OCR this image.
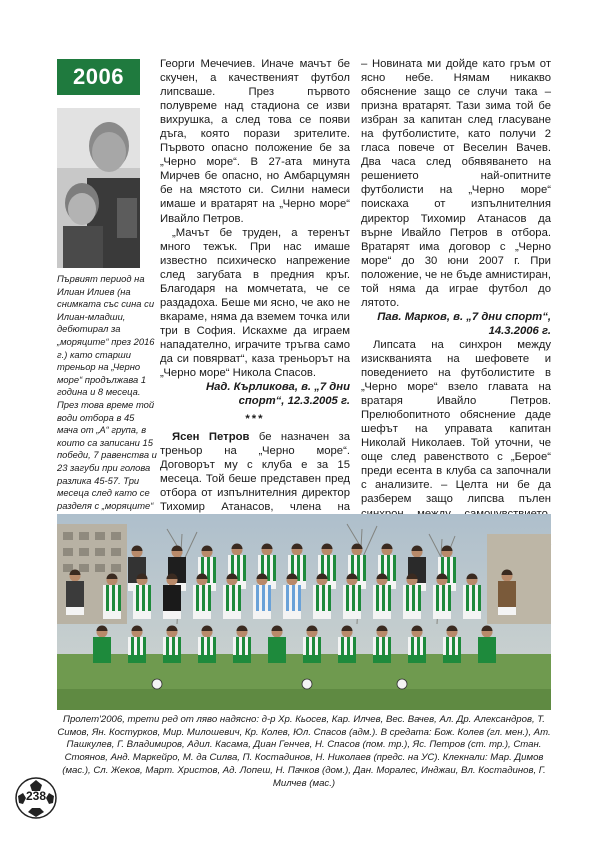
2006
Първият период на Илиан Илиев (на снимката със сина си Илиан-младши, дебютирал за „моряците“ през 2016 г.) като старши треньор на „Черно море“ продължава 1 година и 8 месеца. През това време той води отбора в 45 мача от „А“ група, в които са записани 15 победи, 7 равенства и 23 загуби при голова разлика 45-57. Три месеца след като се разделя с „моряците“

Георги Мечечиев. Иначе мачът бе скучен, а качественият футбол липсваше. През първото полувреме над стадиона се изви вихрушка, а след това се появи дъга, която порази зрителите. Първото опасно положение бе за „Черно море“. В 27-ата минута Мирчев бе опасно, но Амбарцумян бе на мястото си. Силни намеси имаше и вратарят на „Черно море“ Ивайло Петров.

„Мачът бе труден, а теренът много тежък. При нас имаше известно психическо напрежение след загубата в предния кръг. Благодаря на момчетата, че се раздадоха. Беше ми ясно, че ако не вкараме, няма да вземем точка или три в София. Искахме да играем нападателно, играчите тръгва само да си повярват“, каза треньорът на „Черно море“ Никола Спасов.

Над. Кърликова, в. „7 дни спорт“, 12.3.2005 г.

***

Ясен Петров бе назначен за треньор на „Черно море“. Договорът му с клуба е за 15 месеца. Той беше представен пред отбора от изпълнителния директор Тихомир Атанасов, члена на

– Новината ми дойде като гръм от ясно небе. Нямам никакво обяснение защо се случи така – призна вратарят. Тази зима той бе избран за капитан след гласуване на футболистите, като получи 2 гласа повече от Веселин Вачев. Два часа след обявяването на решението най-опитните футболисти на „Черно море“ поискаха от изпълнителния директор Тихомир Атанасов да върне Ивайло Петров в отбора. Вратарят има договор с „Черно море“ до 30 юни 2007 г. При положение, че не бъде амнистиран, той няма да играе футбол до лятото.

Пав. Марков, в. „7 дни спорт“, 14.3.2006 г.

Липсата на синхрон между изискванията на шефовете и поведението на футболистите в „Черно море“ взело главата на вратаря Ивайло Петров. Прелюбопитното обяснение даде шефът на управата капитан Николай Николаев. Той уточни, че още след равенството с „Берое“ преди есента в клуба са започнали с анализите. – Целта ни бе да разберем защо липсва пълен

Пролет'2006, трети ред от ляво надясно: д-р Хр. Кьосев, Кар. Илчев, Вес. Вачев, Ал. Др. Александров, Т. Симов, Ян. Костурков, Мир. Милошевич, Кр. Колев, Юл. Спасов (адм.). В средата: Бож. Колев (гл. мен.), Ат. Пашкулев, Г. Владимиров, Адил. Касама, Диан Генчев, Н. Спасов (пом. тр.), Яс. Петров (ст. тр.), Стан. Стоянов, Анд. Маркейро, М. да Силва, П. Костадинов, Н. Николаев (предс. на УС). Клекнали: Мар. Димов (мас.), Сл. Жеков, Март. Христов, Ад. Лопеш, Н. Пачков (дом.), Дан. Моралес, Инджаи, Вл. Костадинов, Г. Милчев (мас.)
238
